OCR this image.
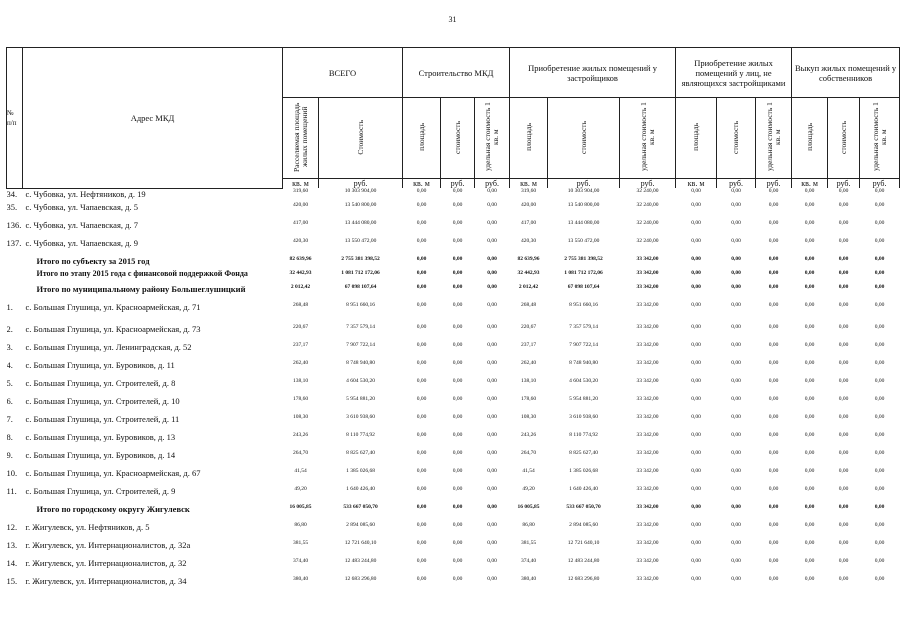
31
№
п/п	Адрес МКД	ВСЕГО		Строительство МКД			Приобретение жилых помещений у застройщиков			Приобретение жилых помещений у лиц, не являющихся застройщиками			Выкуп жилых помещений у собственников		
		Расселяемая площадь жилых помещений	Стоимость	площадь	стоимость	удельная стоимость 1 кв. м	площадь	стоимость	удельная стоимость 1 кв. м	площадь	стоимость	удельная стоимость 1 кв. м	площадь	стоимость	удельная стоимость 1 кв. м
		кв. м	руб.	кв. м	руб.	руб.	кв. м	руб.	руб.	кв. м	руб.	руб.	кв. м	руб.	руб.
34.	с. Чубовка, ул. Нефтяников, д. 19	319,60	10 303 904,00	0,00	0,00	0,00	319,60	10 303 904,00	32 240,00	0,00	0,00	0,00	0,00	0,00	0,00
35.	с. Чубовка, ул. Чапаевская, д. 5	420,00	13 540 800,00	0,00	0,00	0,00	420,00	13 540 800,00	32 240,00	0,00	0,00	0,00	0,00	0,00	0,00
136.	с. Чубовка, ул. Чапаевская, д. 7	417,00	13 444 080,00	0,00	0,00	0,00	417,00	13 444 080,00	32 240,00	0,00	0,00	0,00	0,00	0,00	0,00
137.	с. Чубовка, ул. Чапаевская, д. 9	420,30	13 550 472,00	0,00	0,00	0,00	420,30	13 550 472,00	32 240,00	0,00	0,00	0,00	0,00	0,00	0,00
	Итого по субъекту за 2015 год	82 639,96	2 755 381 398,52	0,00	0,00	0,00	82 639,96	2 755 381 398,52	33 342,00	0,00	0,00	0,00	0,00	0,00	0,00
	Итого по этапу 2015 года с финансовой поддержкой Фонда	32 442,93	1 081 712 172,06	0,00	0,00	0,00	32 442,93	1 081 712 172,06	33 342,00	0,00	0,00	0,00	0,00	0,00	0,00
	Итого по муниципальному району Большеглушицкий	2 012,42	67 098 107,64	0,00	0,00	0,00	2 012,42	67 098 107,64	33 342,00	0,00	0,00	0,00	0,00	0,00	0,00
1.	с. Большая Глушица, ул. Красноармейская, д. 71	268,48	8 951 660,16	0,00	0,00	0,00	268,48	8 951 660,16	33 342,00	0,00	0,00	0,00	0,00	0,00	0,00
2.	с. Большая Глушица, ул. Красноармейская, д. 73	220,67	7 357 579,14	0,00	0,00	0,00	220,67	7 357 579,14	33 342,00	0,00	0,00	0,00	0,00	0,00	0,00
3.	с. Большая Глушица, ул. Ленинградская, д. 52	237,17	7 907 722,14	0,00	0,00	0,00	237,17	7 907 722,14	33 342,00	0,00	0,00	0,00	0,00	0,00	0,00
4.	с. Большая Глушица, ул. Буровиков, д. 11	262,40	8 748 940,80	0,00	0,00	0,00	262,40	8 748 940,80	33 342,00	0,00	0,00	0,00	0,00	0,00	0,00
5.	с. Большая Глушица, ул. Строителей, д. 8	138,10	4 604 530,20	0,00	0,00	0,00	138,10	4 604 530,20	33 342,00	0,00	0,00	0,00	0,00	0,00	0,00
6.	с. Большая Глушица, ул. Строителей, д. 10	178,60	5 954 881,20	0,00	0,00	0,00	178,60	5 954 881,20	33 342,00	0,00	0,00	0,00	0,00	0,00	0,00
7.	с. Большая Глушица, ул. Строителей, д. 11	108,30	3 610 938,60	0,00	0,00	0,00	108,30	3 610 938,60	33 342,00	0,00	0,00	0,00	0,00	0,00	0,00
8.	с. Большая Глушица, ул. Буровиков, д. 13	243,26	8 110 774,92	0,00	0,00	0,00	243,26	8 110 774,92	33 342,00	0,00	0,00	0,00	0,00	0,00	0,00
9.	с. Большая Глушица, ул. Буровиков, д. 14	264,70	8 825 627,40	0,00	0,00	0,00	264,70	8 825 627,40	33 342,00	0,00	0,00	0,00	0,00	0,00	0,00
10.	с. Большая Глушица, ул. Красноармейская, д. 67	41,54	1 385 026,68	0,00	0,00	0,00	41,54	1 385 026,68	33 342,00	0,00	0,00	0,00	0,00	0,00	0,00
11.	с. Большая Глушица, ул. Строителей, д. 9	49,20	1 640 426,40	0,00	0,00	0,00	49,20	1 640 426,40	33 342,00	0,00	0,00	0,00	0,00	0,00	0,00
	Итого по городскому округу Жигулевск	16 005,85	533 667 050,70	0,00	0,00	0,00	16 005,85	533 667 050,70	33 342,00	0,00	0,00	0,00	0,00	0,00	0,00
12.	г. Жигулевск, ул. Нефтяников, д. 5	86,80	2 894 085,60	0,00	0,00	0,00	86,80	2 894 085,60	33 342,00	0,00	0,00	0,00	0,00	0,00	0,00
13.	г. Жигулевск, ул. Интернационалистов, д. 32а	381,55	12 721 640,10	0,00	0,00	0,00	381,55	12 721 640,10	33 342,00	0,00	0,00	0,00	0,00	0,00	0,00
14.	г. Жигулевск, ул. Интернационалистов, д. 32	374,40	12 483 244,80	0,00	0,00	0,00	374,40	12 483 244,80	33 342,00	0,00	0,00	0,00	0,00	0,00	0,00
15.	г. Жигулевск, ул. Интернационалистов, д. 34	380,40	12 683 296,80	0,00	0,00	0,00	380,40	12 683 296,80	33 342,00	0,00	0,00	0,00	0,00	0,00	0,00
